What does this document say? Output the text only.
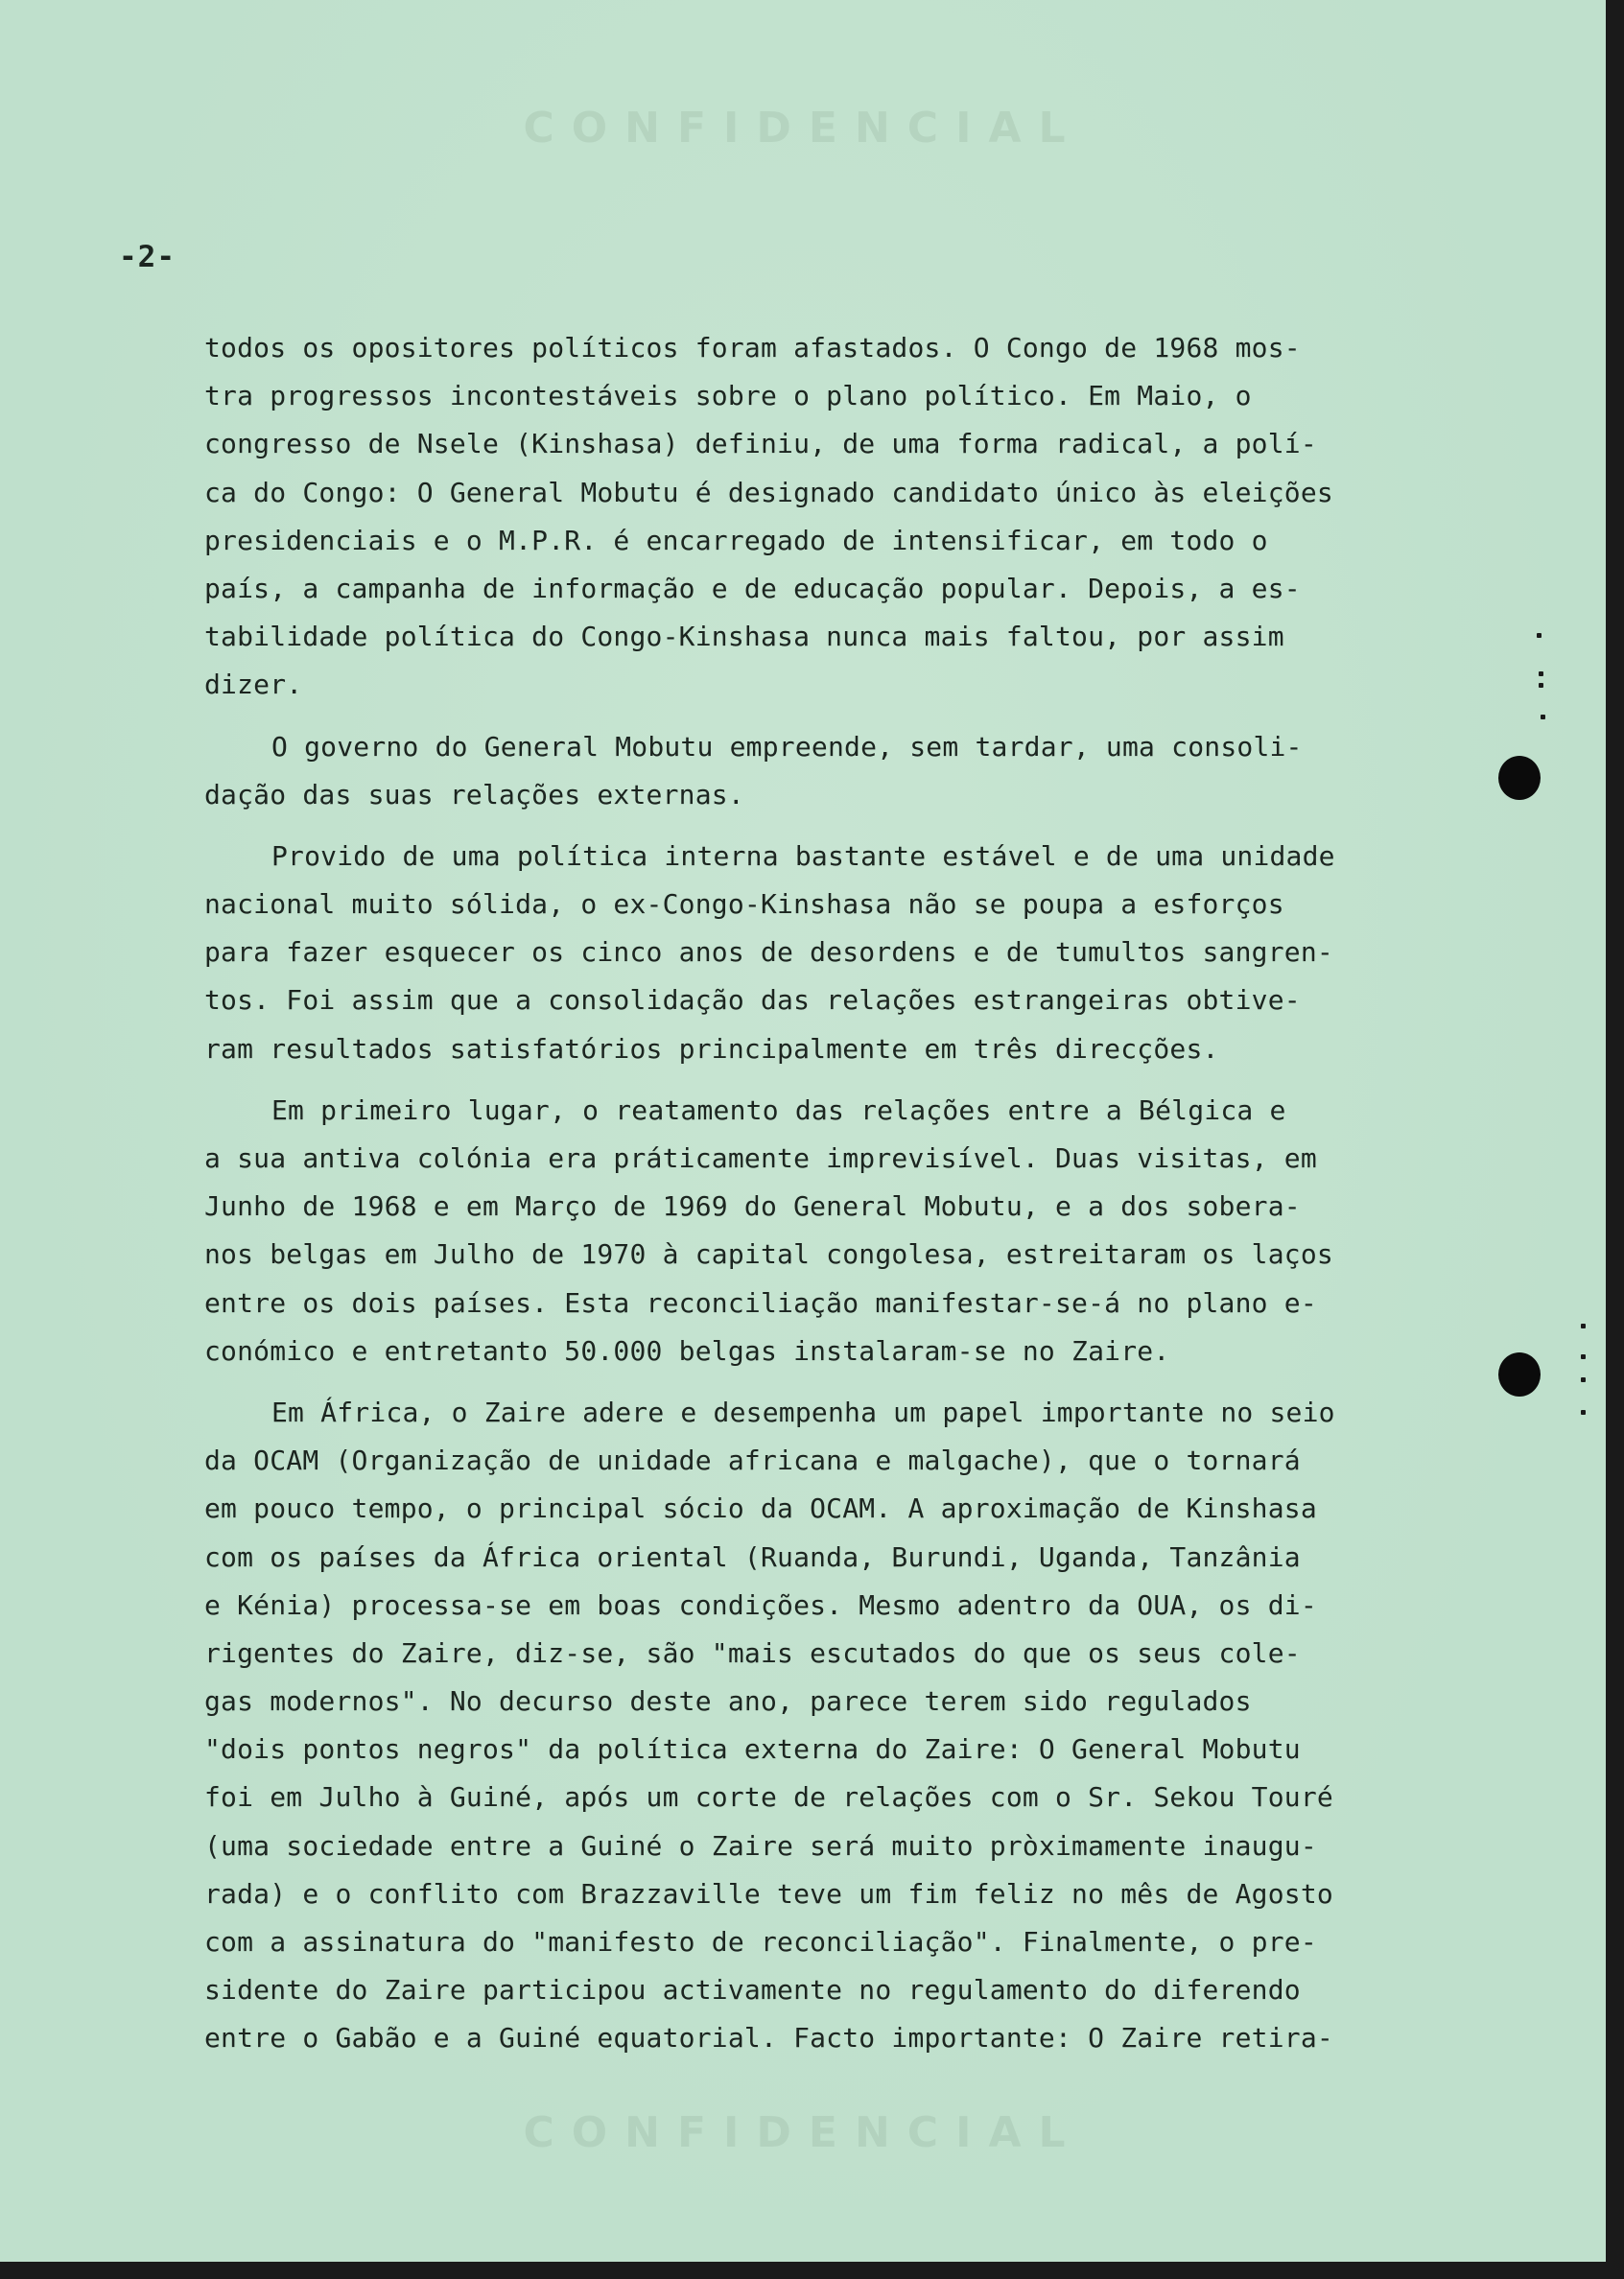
CONFIDENCIAL
-2-
todos os opositores políticos foram afastados. O Congo de 1968 mos-
tra progressos incontestáveis sobre o plano político. Em Maio, o
congresso de Nsele (Kinshasa) definiu, de uma forma radical, a polí-
ca do Congo: O General Mobutu é designado candidato único às eleições
presidenciais e o M.P.R. é encarregado de intensificar, em todo o
país, a campanha de informação e de educação popular. Depois, a es-
tabilidade política do Congo-Kinshasa nunca mais faltou, por assim
dizer.
O governo do General Mobutu empreende, sem tardar, uma consoli-
dação das suas relações externas.
Provido de uma política interna bastante estável e de uma unidade
nacional muito sólida, o ex-Congo-Kinshasa não se poupa a esforços
para fazer esquecer os cinco anos de desordens e de tumultos sangren-
tos. Foi assim que a consolidação das relações estrangeiras obtive-
ram resultados satisfatórios principalmente em três direcções.
Em primeiro lugar, o reatamento das relações entre a Bélgica e
a sua antiva colónia era práticamente imprevisível. Duas visitas, em
Junho de 1968 e em Março de 1969 do General Mobutu, e a dos sobera-
nos belgas em Julho de 1970 à capital congolesa, estreitaram os laços
entre os dois países. Esta reconciliação manifestar-se-á no plano e-
conómico e entretanto 50.000 belgas instalaram-se no Zaire.
Em África, o Zaire adere e desempenha um papel importante no seio
da OCAM (Organização de unidade africana e malgache), que o tornará
em pouco tempo, o principal sócio da OCAM. A aproximação de Kinshasa
com os países da África oriental (Ruanda, Burundi, Uganda, Tanzânia
e Kénia) processa-se em boas condições. Mesmo adentro da OUA, os di-
rigentes do Zaire, diz-se, são "mais escutados do que os seus cole-
gas modernos". No decurso deste ano, parece terem sido regulados
"dois pontos negros" da política externa do Zaire: O General Mobutu
foi em Julho à Guiné, após um corte de relações com o Sr. Sekou Touré
(uma sociedade entre a Guiné o Zaire será muito pròximamente inaugu-
rada) e o conflito com Brazzaville teve um fim feliz no mês de Agosto
com a assinatura do "manifesto de reconciliação". Finalmente, o pre-
sidente do Zaire participou activamente no regulamento do diferendo
entre o Gabão e a Guiné equatorial. Facto importante: O Zaire retira-
CONFIDENCIAL
